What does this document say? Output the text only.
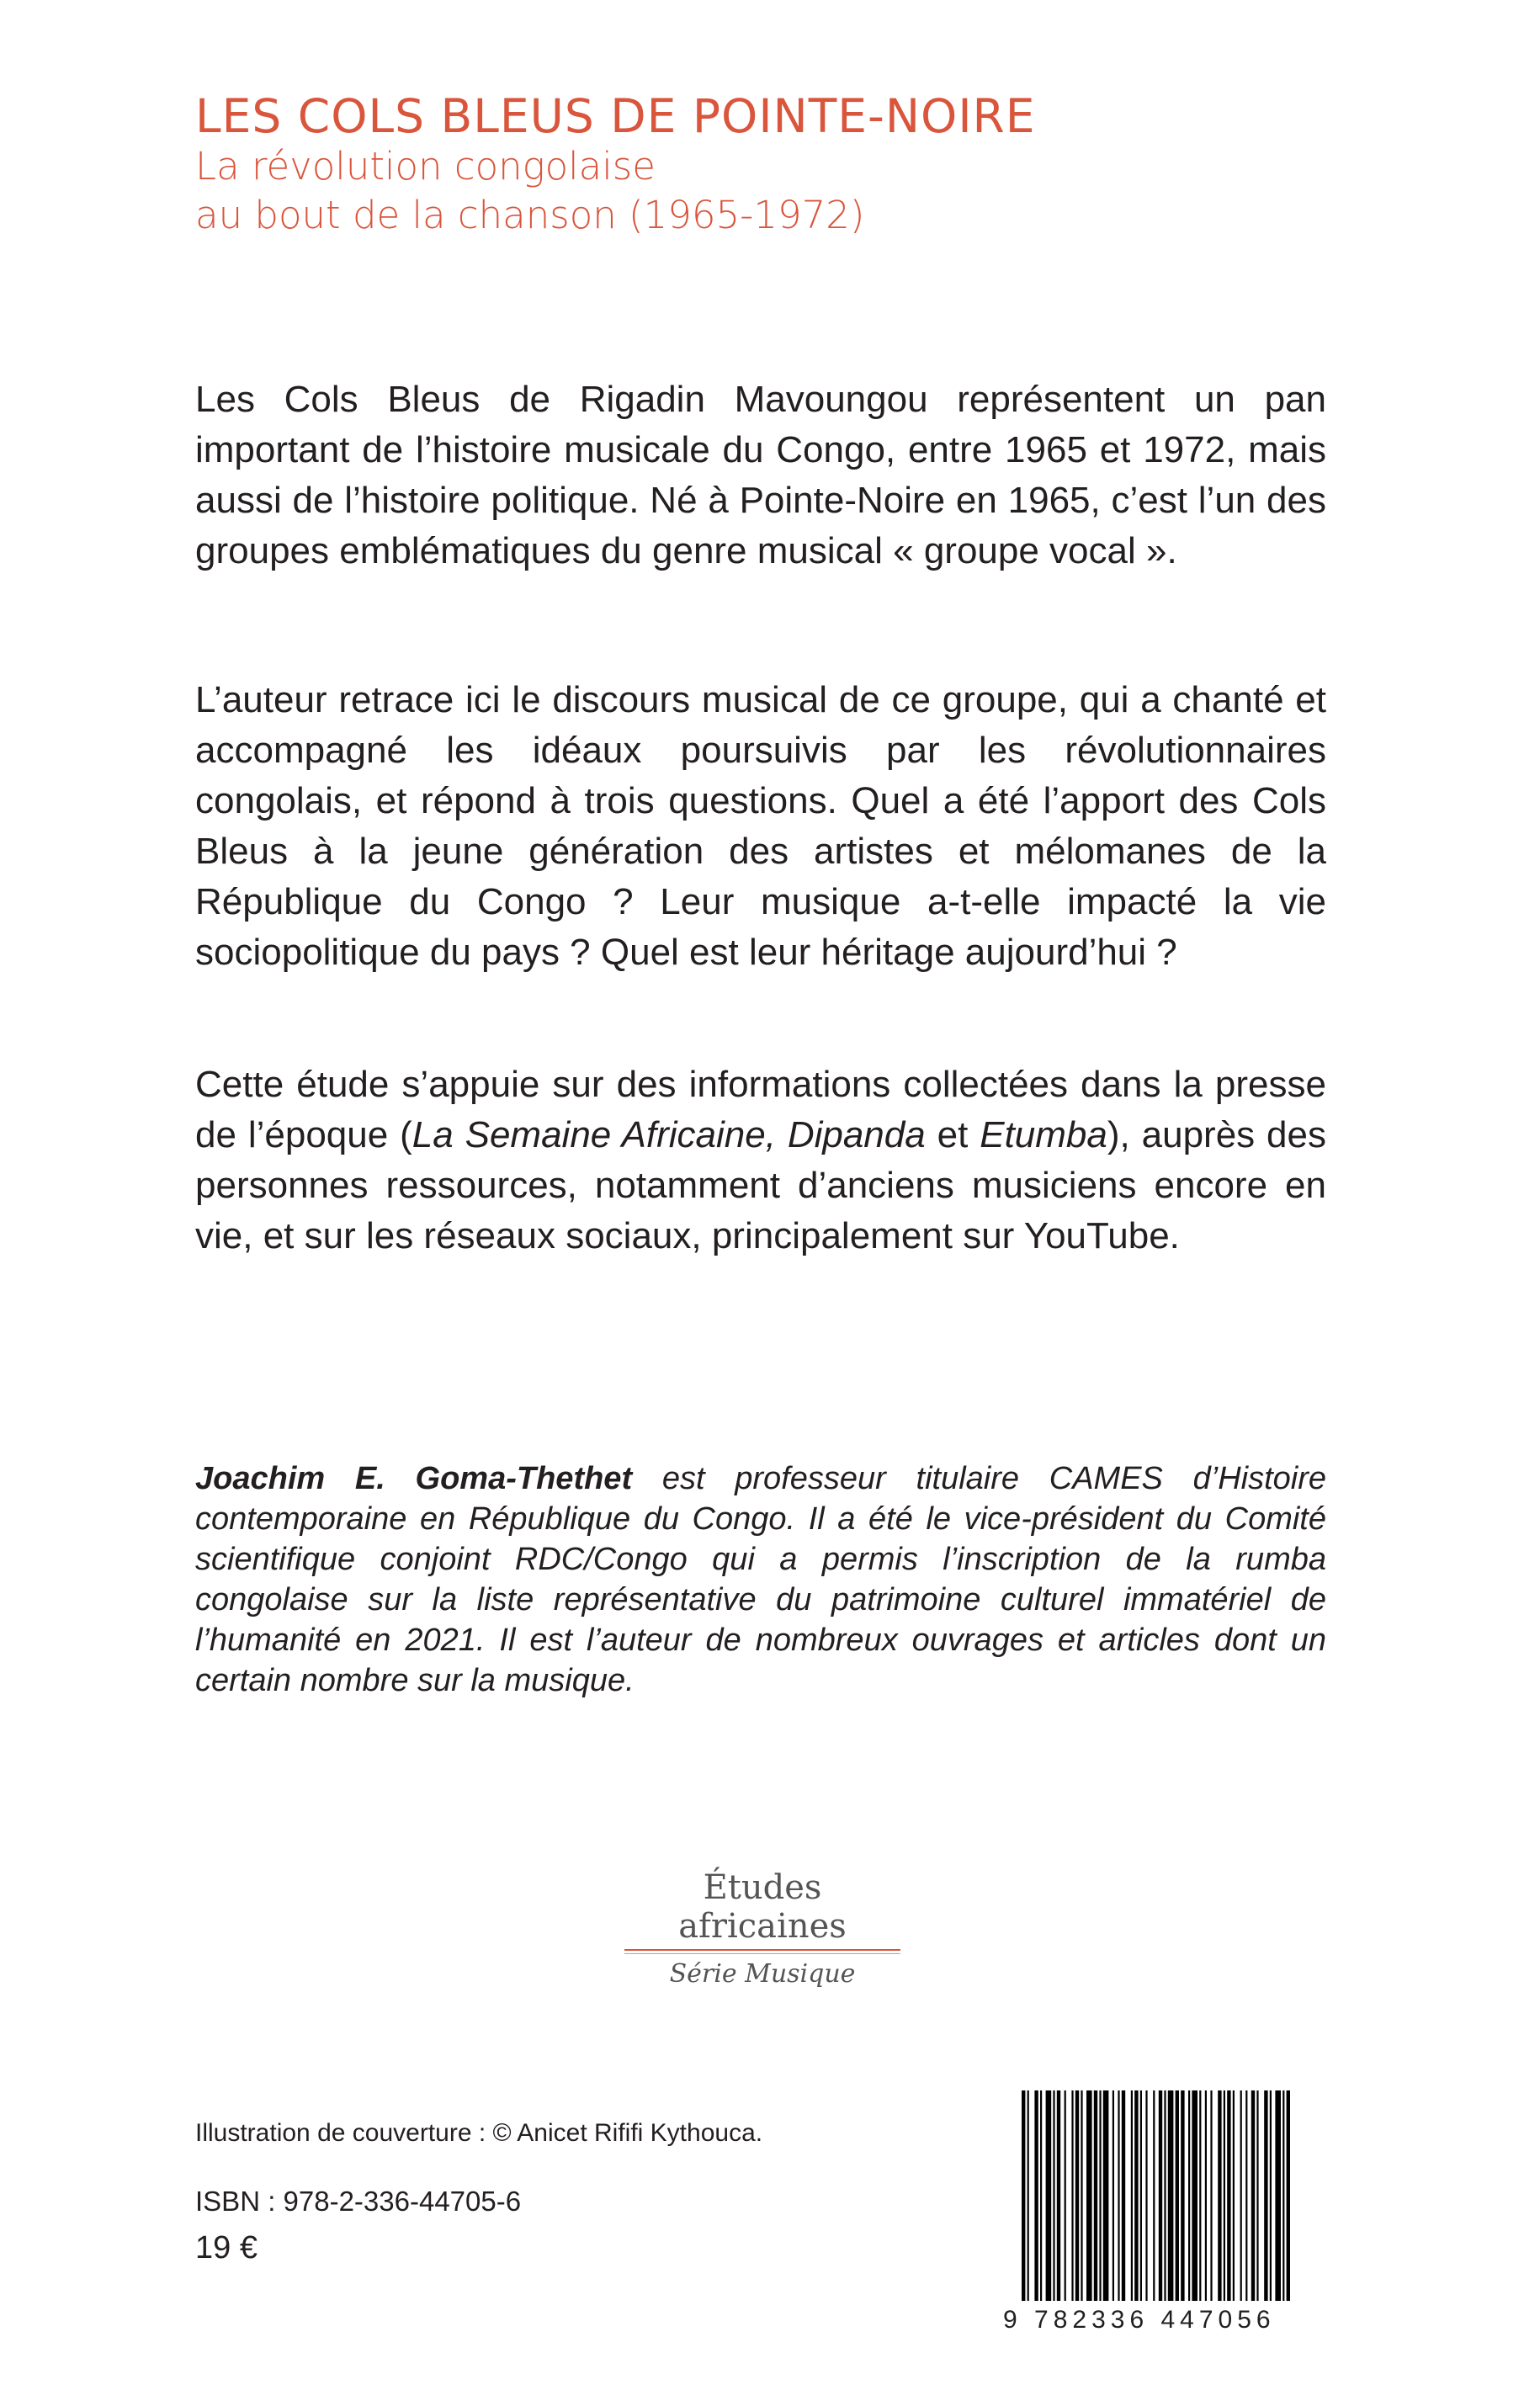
LES COLS BLEUS DE POINTE-NOIRE
La révolution congolaise
au bout de la chanson (1965-1972)

Les Cols Bleus de Rigadin Mavoungou représentent un pan important de l’histoire musicale du Congo, entre 1965 et 1972, mais aussi de l’histoire politique. Né à Pointe-Noire en 1965, c’est l’un des groupes emblématiques du genre musical « groupe vocal ».

L’auteur retrace ici le discours musical de ce groupe, qui a chanté et accompagné les idéaux poursuivis par les révolutionnaires congolais, et répond à trois questions. Quel a été l’apport des Cols Bleus à la jeune génération des artistes et mélomanes de la République du Congo ? Leur musique a-t-elle impacté la vie sociopolitique du pays ? Quel est leur héritage aujourd’hui ?

Cette étude s’appuie sur des informations collectées dans la presse de l’époque (La Semaine Africaine, Dipanda et Etumba), auprès des personnes ressources, notamment d’anciens musiciens encore en vie, et sur les réseaux sociaux, principalement sur YouTube.

Joachim E. Goma-Thethet est professeur titulaire CAMES d’Histoire contemporaine en République du Congo. Il a été le vice-président du Comité scientifique conjoint RDC/Congo qui a permis l’inscription de la rumba congolaise sur la liste représentative du patrimoine culturel immatériel de l’humanité en 2021. Il est l’auteur de nombreux ouvrages et articles dont un certain nombre sur la musique.
Études africaines
Série Musique
Illustration de couverture : © Anicet Rififi Kythouca.
ISBN : 978-2-336-44705-6
19 €
9 782336 447056
